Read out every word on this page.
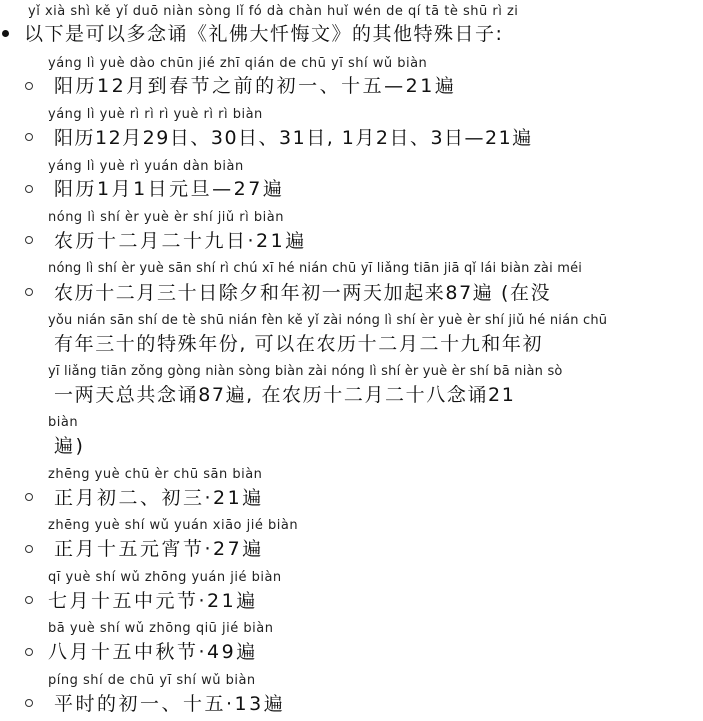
yǐ xià shì kě yǐ duō niàn sòng lǐ fó dà chàn huǐ wén de qí tā tè shū rì zi
以下是可以多念诵《礼佛大忏悔文》的其他特殊日子:
yáng lì yuè dào chūn jié zhī qián de chū yī shí wǔ biàn
阳历12月到春节之前的初一、十五—21遍
yáng lì yuè rì rì rì yuè rì rì biàn
阳历12月29日、30日、31日, 1月2日、3日—21遍
yáng lì yuè rì yuán dàn biàn
阳历1月1日元旦—27遍
nóng lì shí èr yuè èr shí jiǔ rì biàn
农历十二月二十九日·21遍
nóng lì shí èr yuè sān shí rì chú xī hé nián chū yī liǎng tiān jiā qǐ lái biàn zài méi
农历十二月三十日除夕和年初一两天加起来87遍 (在没
yǒu nián sān shí de tè shū nián fèn kě yǐ zài nóng lì shí èr yuè èr shí jiǔ hé nián chū
有年三十的特殊年份, 可以在农历十二月二十九和年初
yī liǎng tiān zǒng gòng niàn sòng biàn zài nóng lì shí èr yuè èr shí bā niàn sò
一两天总共念诵87遍, 在农历十二月二十八念诵21
biàn
遍)
zhēng yuè chū èr chū sān biàn
正月初二、初三·21遍
zhēng yuè shí wǔ yuán xiāo jié biàn
正月十五元宵节·27遍
qī yuè shí wǔ zhōng yuán jié biàn
七月十五中元节·21遍
bā yuè shí wǔ zhōng qiū jié biàn
八月十五中秋节·49遍
píng shí de chū yī shí wǔ biàn
平时的初一、十五·13遍
